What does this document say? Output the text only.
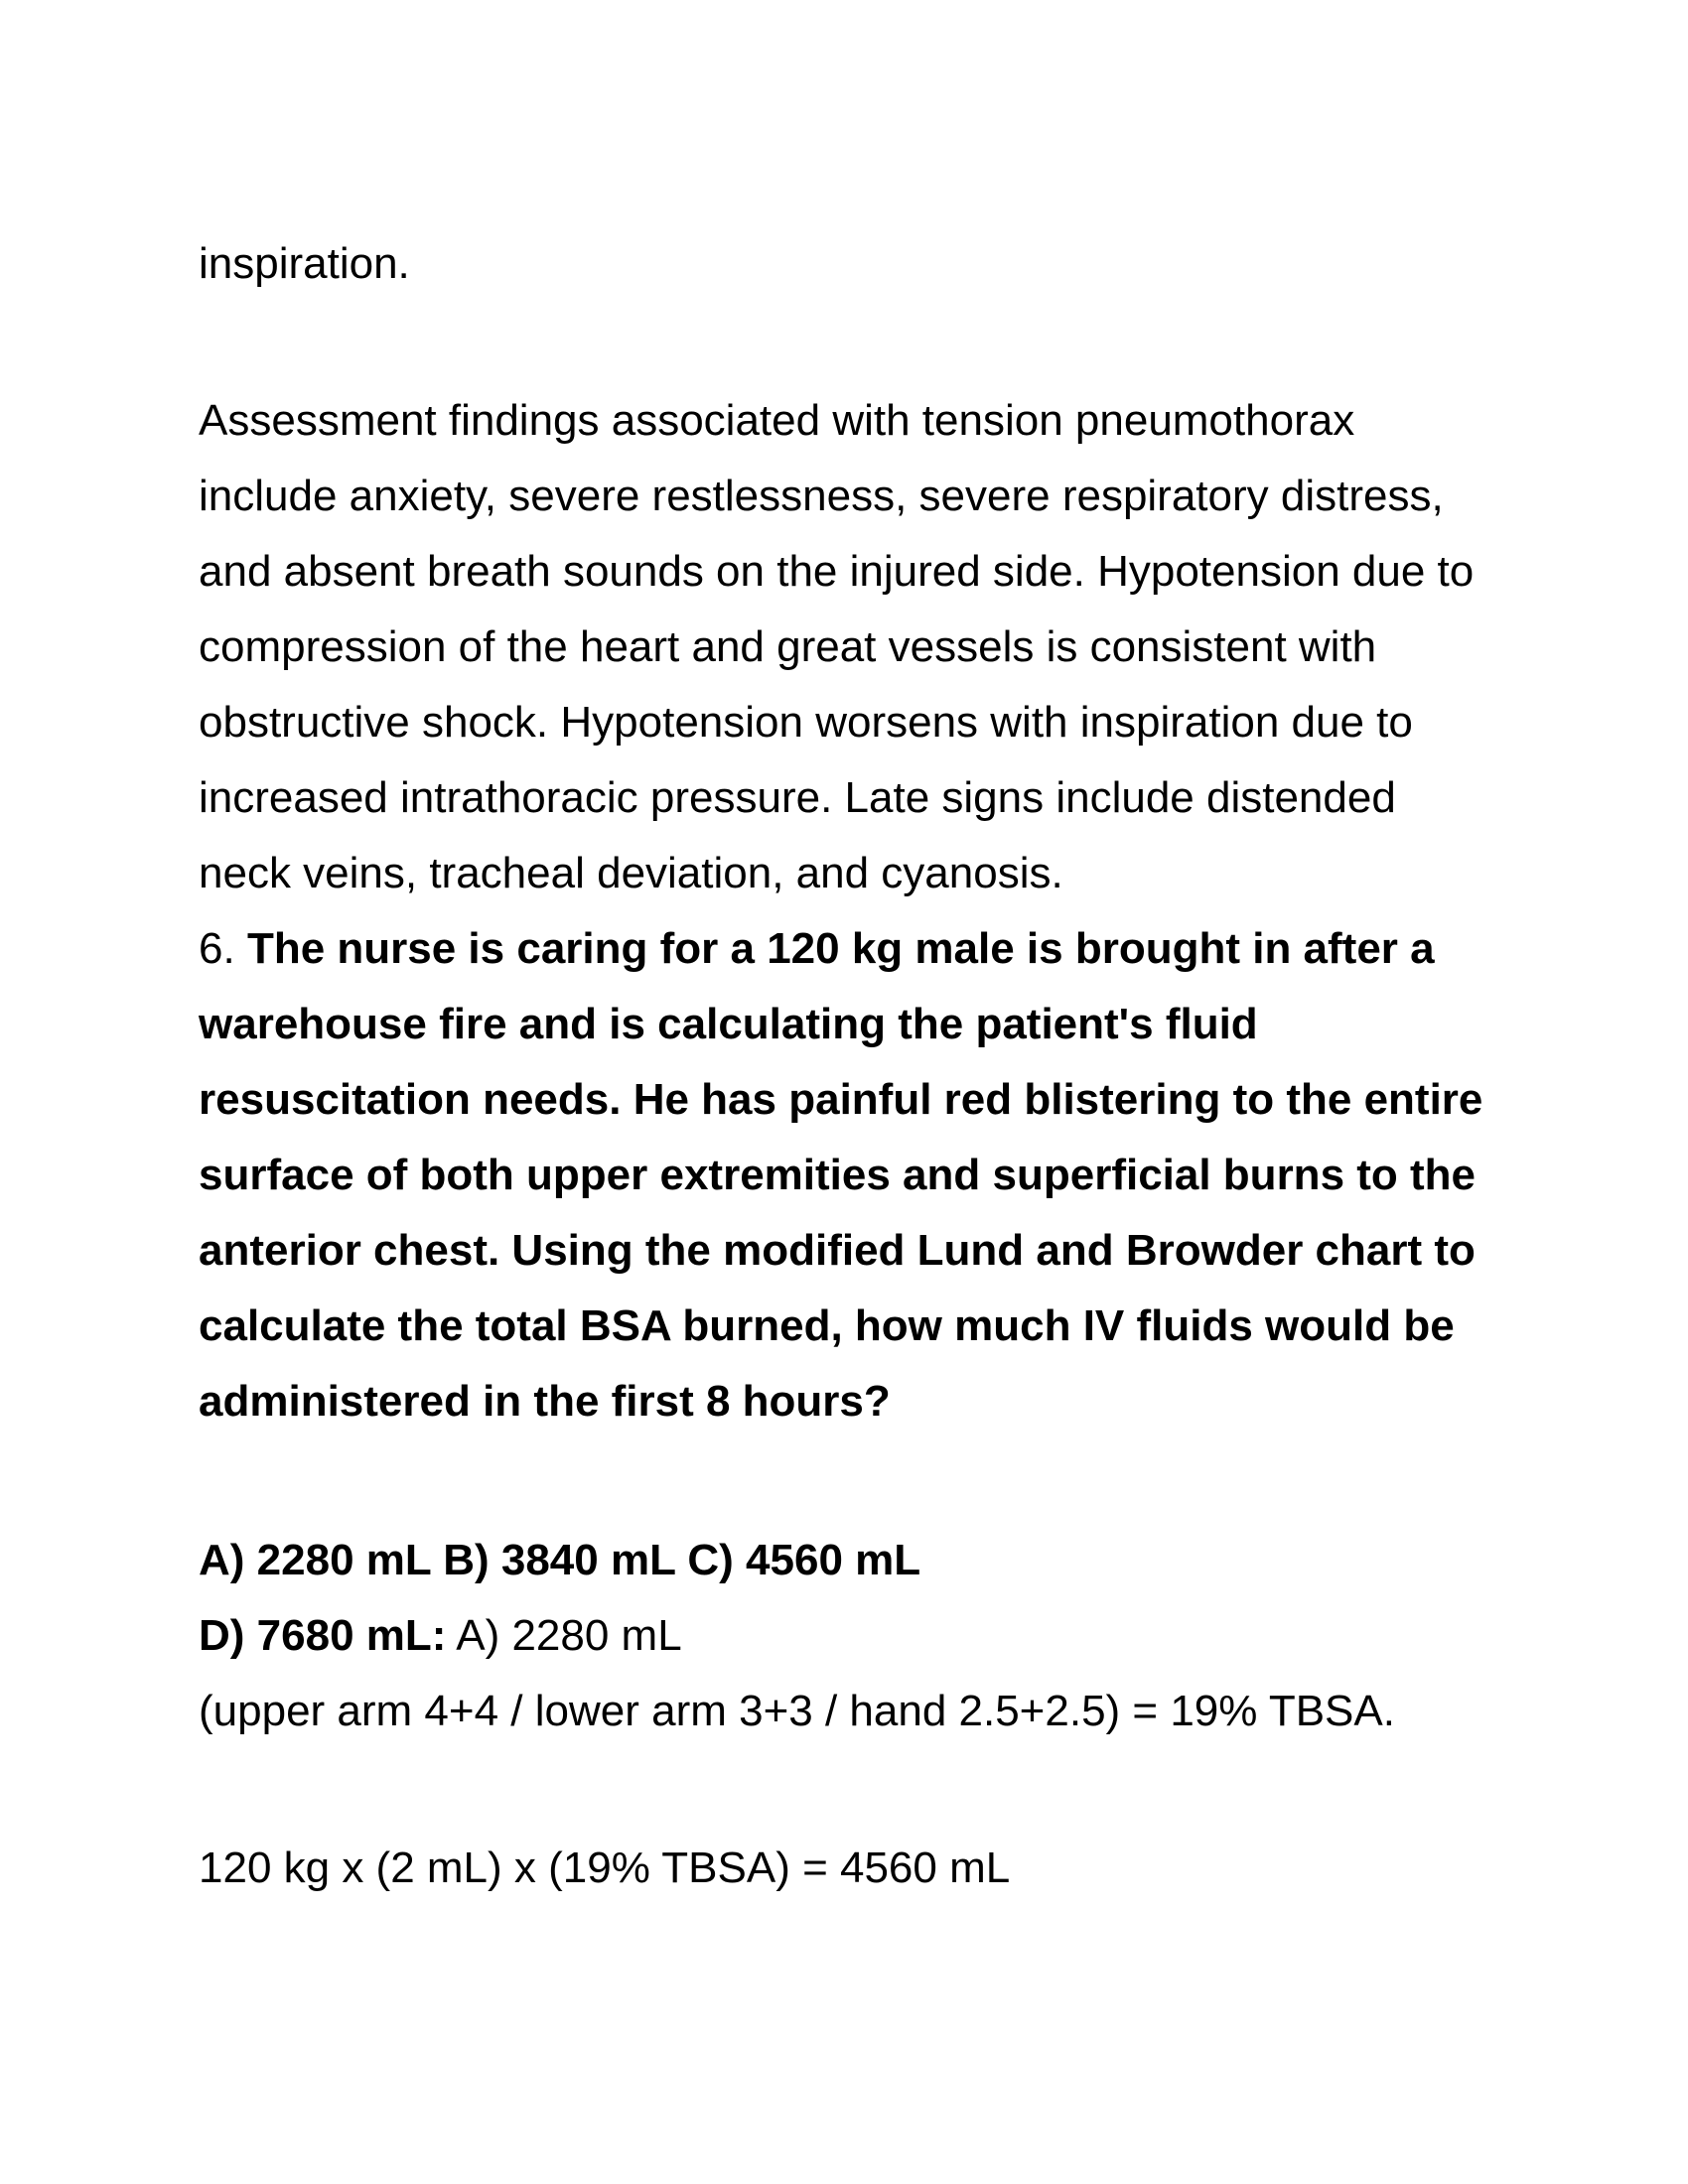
inspiration.
Assessment findings associated with tension pneumothorax
include anxiety, severe restlessness, severe respiratory distress,
and absent breath sounds on the injured side. Hypotension due to
compression of the heart and great vessels is consistent with
obstructive shock. Hypotension worsens with inspiration due to
increased intrathoracic pressure. Late signs include distended
neck veins, tracheal deviation, and cyanosis.
6. The nurse is caring for a 120 kg male is brought in after a
warehouse fire and is calculating the patient's fluid
resuscitation needs. He has painful red blistering to the entire
surface of both upper extremities and superficial burns to the
anterior chest. Using the modified Lund and Browder chart to
calculate the total BSA burned, how much IV fluids would be
administered in the first 8 hours?
A) 2280 mL B) 3840 mL C) 4560 mL
D) 7680 mL: A) 2280 mL
(upper arm 4+4 / lower arm 3+3 / hand 2.5+2.5) = 19% TBSA.
120 kg x (2 mL) x (19% TBSA) = 4560 mL
